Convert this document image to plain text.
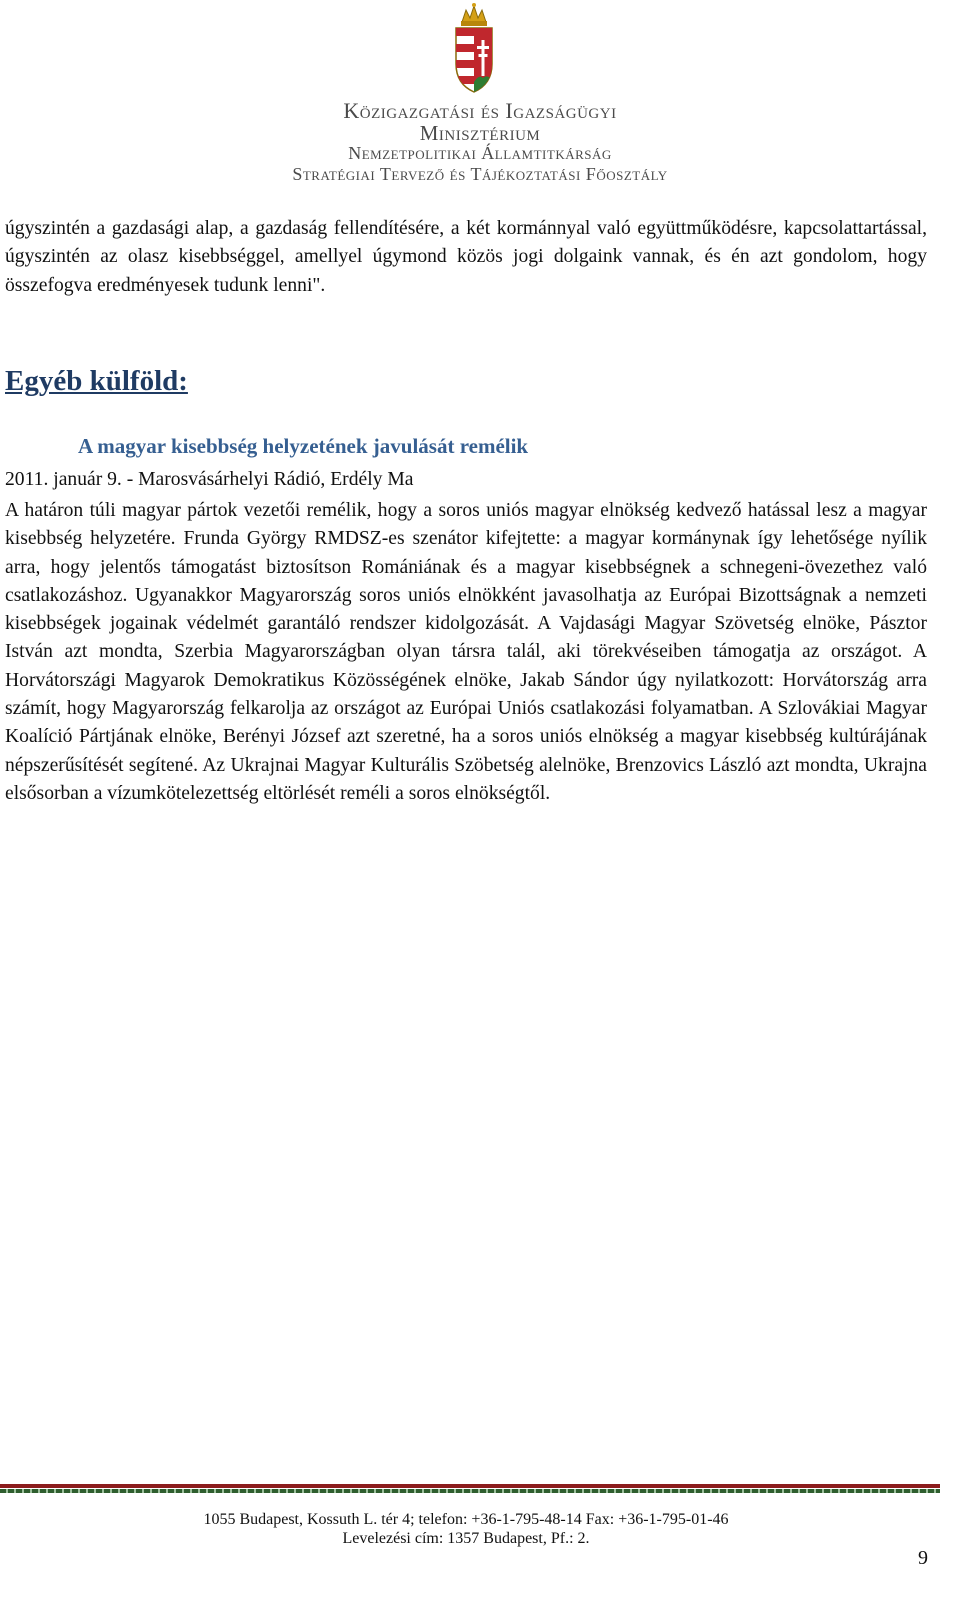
Közigazgatási és Igazságügyi
Minisztérium
Nemzetpolitikai Államtitkárság
Stratégiai Tervező és Tájékoztatási Főosztály

úgyszintén a gazdasági alap, a gazdaság fellendítésére, a két kormánnyal való együttműködésre, kapcsolattartással, úgyszintén az olasz kisebbséggel, amellyel úgymond közös jogi dolgaink vannak, és én azt gondolom, hogy összefogva eredményesek tudunk lenni".

Egyéb külföld:
A magyar kisebbség helyzetének javulását remélik

2011. január 9. - Marosvásárhelyi Rádió, Erdély Ma

A határon túli magyar pártok vezetői remélik, hogy a soros uniós magyar elnökség kedvező hatással lesz a magyar kisebbség helyzetére. Frunda György RMDSZ-es szenátor kifejtette: a magyar kormánynak így lehetősége nyílik arra, hogy jelentős támogatást biztosítson Romániának és a magyar kisebbségnek a schnegeni-övezethez való csatlakozáshoz. Ugyanakkor Magyarország soros uniós elnökként javasolhatja az Európai Bizottságnak a nemzeti kisebbségek jogainak védelmét garantáló rendszer kidolgozását. A Vajdasági Magyar Szövetség elnöke, Pásztor István azt mondta, Szerbia Magyarországban olyan társra talál, aki törekvéseiben támogatja az országot. A Horvátországi Magyarok Demokratikus Közösségének elnöke, Jakab Sándor úgy nyilatkozott: Horvátország arra számít, hogy Magyarország felkarolja az országot az Európai Uniós csatlakozási folyamatban. A Szlovákiai Magyar Koalíció Pártjának elnöke, Berényi József azt szeretné, ha a soros uniós elnökség a magyar kisebbség kultúrájának népszerűsítését segítené. Az Ukrajnai Magyar Kulturális Szöbetség alelnöke, Brenzovics László azt mondta, Ukrajna elsősorban a vízumkötelezettség eltörlését reméli a soros elnökségtől.

1055 Budapest, Kossuth L. tér 4; telefon: +36-1-795-48-14 Fax: +36-1-795-01-46
Levelezési cím: 1357 Budapest, Pf.: 2.
9
